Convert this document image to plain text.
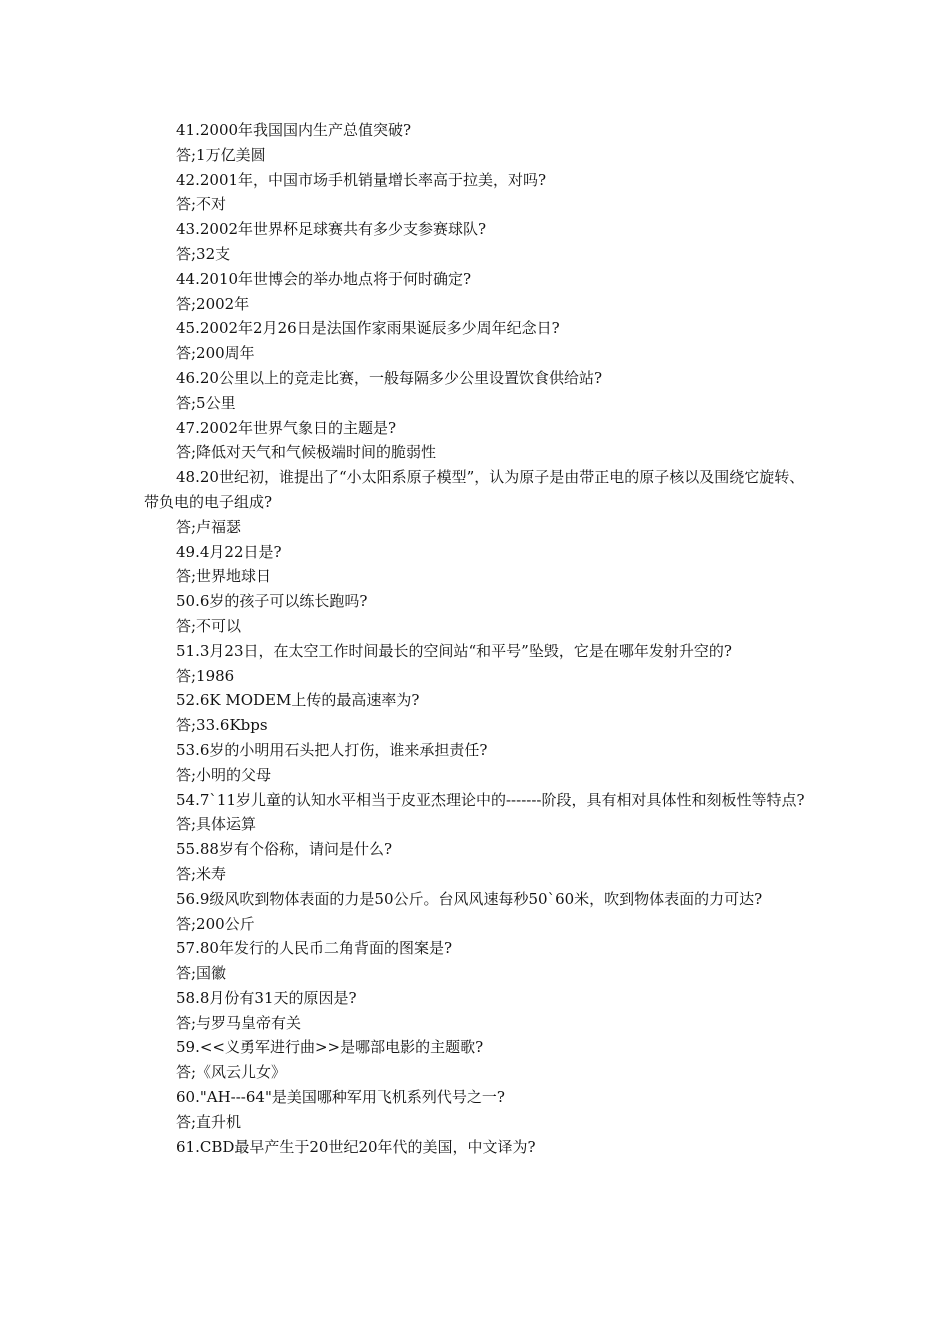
41.2000年我国国内生产总值突破?
答;1万亿美圆
42.2001年，中国市场手机销量增长率高于拉美，对吗?
答;不对
43.2002年世界杯足球赛共有多少支参赛球队?
答;32支
44.2010年世博会的举办地点将于何时确定?
答;2002年
45.2002年2月26日是法国作家雨果诞辰多少周年纪念日?
答;200周年
46.20公里以上的竞走比赛，一般每隔多少公里设置饮食供给站?
答;5公里
47.2002年世界气象日的主题是?
答;降低对天气和气候极端时间的脆弱性
48.20世纪初，谁提出了“小太阳系原子模型”，认为原子是由带正电的原子核以及围绕它旋转、带负电的电子组成?
答;卢福瑟
49.4月22日是?
答;世界地球日
50.6岁的孩子可以练长跑吗?
答;不可以
51.3月23日，在太空工作时间最长的空间站“和平号”坠毁，它是在哪年发射升空的?
答;1986
52.6K MODEM上传的最高速率为?
答;33.6Kbps
53.6岁的小明用石头把人打伤，谁来承担责任?
答;小明的父母
54.7`11岁儿童的认知水平相当于皮亚杰理论中的-------阶段，具有相对具体性和刻板性等特点?
答;具体运算
55.88岁有个俗称，请问是什么?
答;米寿
56.9级风吹到物体表面的力是50公斤。台风风速每秒50`60米，吹到物体表面的力可达?
答;200公斤
57.80年发行的人民币二角背面的图案是?
答;国徽
58.8月份有31天的原因是?
答;与罗马皇帝有关
59.<<义勇军进行曲>>是哪部电影的主题歌?
答;《风云儿女》
60."AH---64"是美国哪种军用飞机系列代号之一?
答;直升机
61.CBD最早产生于20世纪20年代的美国，中文译为?
